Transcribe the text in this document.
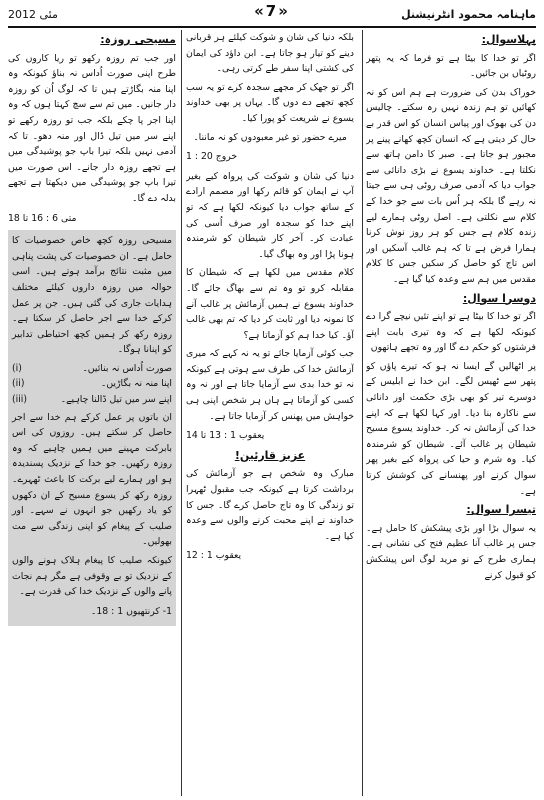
ماہنامہ محمود انٹرنیشنل
مئی 2012	«7»
پہلاسوال:

اگر تو خدا کا بیٹا ہے تو فرما کہ یہ پتھر روٹیاں بن جائیں۔

خوراک بدن کی ضرورت ہے ہم اس کو نہ کھائیں تو ہم زندہ نہیں رہ سکتے۔ چالیس دن کی بھوک اور پیاس انسان کو اس قدر بے حال کر دیتی ہے کہ انسان کچھ کھانے پینے پر مجبور ہو جاتا ہے۔ صبر کا دامن ہاتھ سے نکلتا ہے۔ خداوند یسوع نے بڑی دانائی سے جواب دیا کہ آدمی صرف روٹی ہی سے جیتا نہ رہے گا بلکہ ہر اُس بات سے جو خدا کے کلام سے نکلتی ہے۔ اصل روٹی ہمارے لیے زندہ کلام ہے جس کو ہر روز نوش کرنا ہمارا فرض ہے تا کہ ہم غالب آسکیں اور اس تاج کو حاصل کر سکیں جس کا کلام مقدس میں ہم سے وعدہ کیا گیا ہے۔

دوسرا سوال:

اگر تو خدا کا بیٹا ہے تو اپنے تئیں نیچے گرا دے کیونکہ لکھا ہے کہ وہ تیری بابت اپنے فرشتوں کو حکم دے گا اور وہ تجھے ہاتھوں

پر اٹھالیں گے ایسا نہ ہو کہ تیرے پاؤں کو پتھر سے ٹھیس لگے۔ ابن خدا نے ابلیس کے دوسرے تیر کو بھی بڑی حکمت اور دانائی سے ناکارہ بنا دیا۔ اور کہا لکھا ہے کہ اپنے خدا کی آزمائش نہ کر۔ خداوند یسوع مسیح شیطان پر غالب آئے۔ شیطان کو شرمندہ کیا۔ وہ شرم و حیا کی پرواہ کیے بغیر پھر سوال کرنے اور پھنسانے کی کوشش کرتا ہے۔

تیسرا سوال:

یہ سوال بڑا اور بڑی پیشکش کا حامل ہے۔ جس پر غالب آنا عظیم فتح کی نشانی ہے۔ ہماری طرح کے نو مرید لوگ اس پیشکش کو قبول کرنے

بلکہ دنیا کی شان و شوکت کیلئے ہر قربانی دینے کو تیار ہو جاتا ہے۔ ابن داؤد کی ایمان کی کشتی اپنا سفر طے کرتی رہی۔

اگر تو جھک کر مجھے سجدہ کرے تو یہ سب کچھ تجھے دے دوں گا۔ یہاں پر بھی خداوند یسوع نے شریعت کو پورا کیا۔

میرے حضور تو غیر معبودوں کو نہ ماننا۔

خروج 20 : 1

دنیا کی شان و شوکت کی پرواہ کیے بغیر آپ نے ایمان کو قائم رکھا اور مصمم ارادے کے ساتھ جواب دیا کیونکہ لکھا ہے کہ تو اپنے خدا کو سجدہ اور صرف اُسی کی عبادت کر۔ آخر کار شیطان کو شرمندہ ہونا پڑا اور وہ بھاگ گیا۔

کلام مقدس میں لکھا ہے کہ شیطان کا مقابلہ کرو تو وہ تم سے بھاگ جائے گا۔ خداوند یسوع نے ہمیں آزمائش پر غالب آنے کا نمونہ دیا اور ثابت کر دیا کہ تم بھی غالب آؤ۔ کیا خدا ہم کو آزماتا ہے؟

جب کوئی آزمایا جائے تو یہ نہ کہے کہ میری آزمائش خدا کی طرف سے ہوتی ہے کیونکہ نہ تو خدا بدی سے آزمایا جاتا ہے اور نہ وہ کسی کو آزماتا ہے ہاں ہر شخص اپنی ہی خواہش میں پھنس کر آزمایا جاتا ہے۔

یعقوب 1 : 13 تا 14
عزیز قارئین!

مبارک وہ شخص ہے جو آزمائش کی برداشت کرتا ہے کیونکہ جب مقبول ٹھہرا تو زندگی کا وہ تاج حاصل کرے گا۔ جس کا خداوند نے اپنے محبت کرنے والوں سے وعدہ کیا ہے۔

یعقوب 1 : 12
مسیحی روزہ:

اور جب تم روزہ رکھو تو ریا کاروں کی طرح اپنی صورت اُداس نہ بناؤ کیونکہ وہ اپنا منہ بگاڑتے ہیں تا کہ لوگ اُن کو روزہ دار جانیں۔ میں تم سے سچ کہتا ہوں کہ وہ اپنا اجر پا چکے بلکہ جب تو روزہ رکھے تو اپنے سر میں تیل ڈال اور منہ دھو۔ تا کہ آدمی نہیں بلکہ تیرا باپ جو پوشیدگی میں ہے تجھے روزہ دار جانے۔ اس صورت میں تیرا باپ جو پوشیدگی میں دیکھتا ہے تجھے بدلہ دے گا۔

متی 6 : 16 تا 18

مسیحی روزہ کچھ خاص خصوصیات کا حامل ہے۔ ان خصوصیات کی پشت پناہی میں مثبت نتائج برآمد ہوتے ہیں۔ اسی حوالہ میں روزہ داروں کیلئے مختلف ہدایات جاری کی گئی ہیں۔ جن پر عمل کرکے خدا سے اجر حاصل کر سکتا ہے۔ روزہ رکھ کر ہمیں کچھ احتیاطی تدابیر کو اپنانا ہوگا۔

صورت اُداس نہ بنائیں۔
(i)
اپنا منہ نہ بگاڑیں۔
(ii)
اپنے سر میں تیل ڈالنا چاہیے۔
(iii)

ان باتوں پر عمل کرکے ہم خدا سے اجر حاصل کر سکتے ہیں۔ روزوں کی اس بابرکت مہینے میں ہمیں چاہیے کہ وہ روزہ رکھیں۔ جو خدا کے نزدیک پسندیدہ ہو اور ہمارے لیے برکت کا باعث ٹھہرے۔ روزہ رکھ کر یسوع مسیح کے ان دکھوں کو یاد رکھیں جو انہوں نے سہے۔ اور صلیب کے پیغام کو اپنی زندگی سے مت بھولیں۔

کیونکہ صلیب کا پیغام ہلاک ہونے والوں کے نزدیک تو بے وقوفی ہے مگر ہم نجات پانے والوں کے نزدیک خدا کی قدرت ہے۔

1- کرنتھیوں 1 : 18۔
